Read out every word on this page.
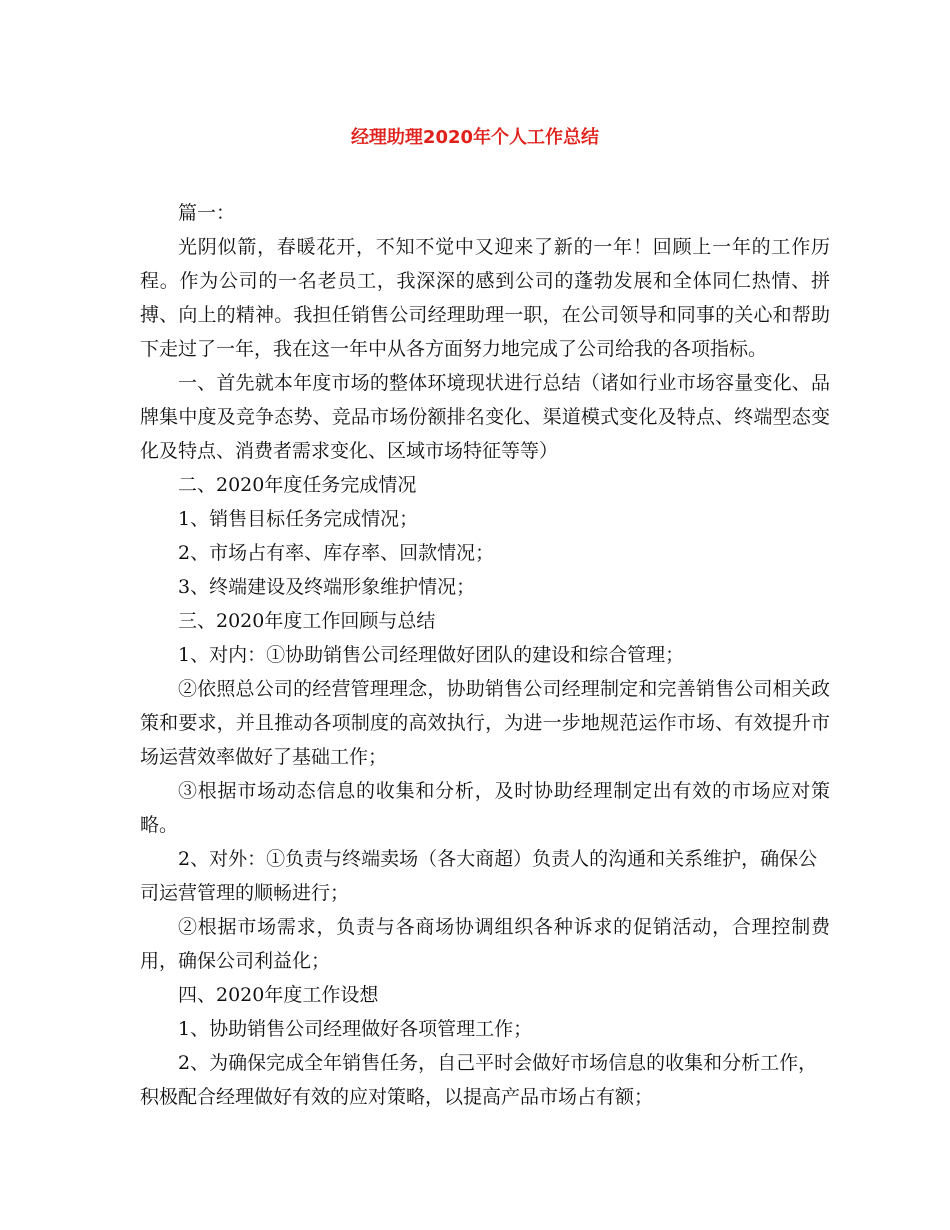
经理助理2020年个人工作总结

篇一：

光阴似箭，春暖花开，不知不觉中又迎来了新的一年！回顾上一年的工作历程。作为公司的一名老员工，我深深的感到公司的蓬勃发展和全体同仁热情、拼搏、向上的精神。我担任销售公司经理助理一职，在公司领导和同事的关心和帮助下走过了一年，我在这一年中从各方面努力地完成了公司给我的各项指标。

一、首先就本年度市场的整体环境现状进行总结（诸如行业市场容量变化、品牌集中度及竞争态势、竞品市场份额排名变化、渠道模式变化及特点、终端型态变化及特点、消费者需求变化、区域市场特征等等）

二、2020年度任务完成情况

1、销售目标任务完成情况；

2、市场占有率、库存率、回款情况；

3、终端建设及终端形象维护情况；

三、2020年度工作回顾与总结

1、对内：①协助销售公司经理做好团队的建设和综合管理；

②依照总公司的经营管理理念，协助销售公司经理制定和完善销售公司相关政策和要求，并且推动各项制度的高效执行，为进一步地规范运作市场、有效提升市场运营效率做好了基础工作；

③根据市场动态信息的收集和分析，及时协助经理制定出有效的市场应对策略。

2、对外：①负责与终端卖场（各大商超）负责人的沟通和关系维护，确保公
司运营管理的顺畅进行；

②根据市场需求，负责与各商场协调组织各种诉求的促销活动，合理控制费用，确保公司利益化；

四、2020年度工作设想

1、协助销售公司经理做好各项管理工作；

2、为确保完成全年销售任务，自己平时会做好市场信息的收集和分析工作，
积极配合经理做好有效的应对策略，以提高产品市场占有额；
